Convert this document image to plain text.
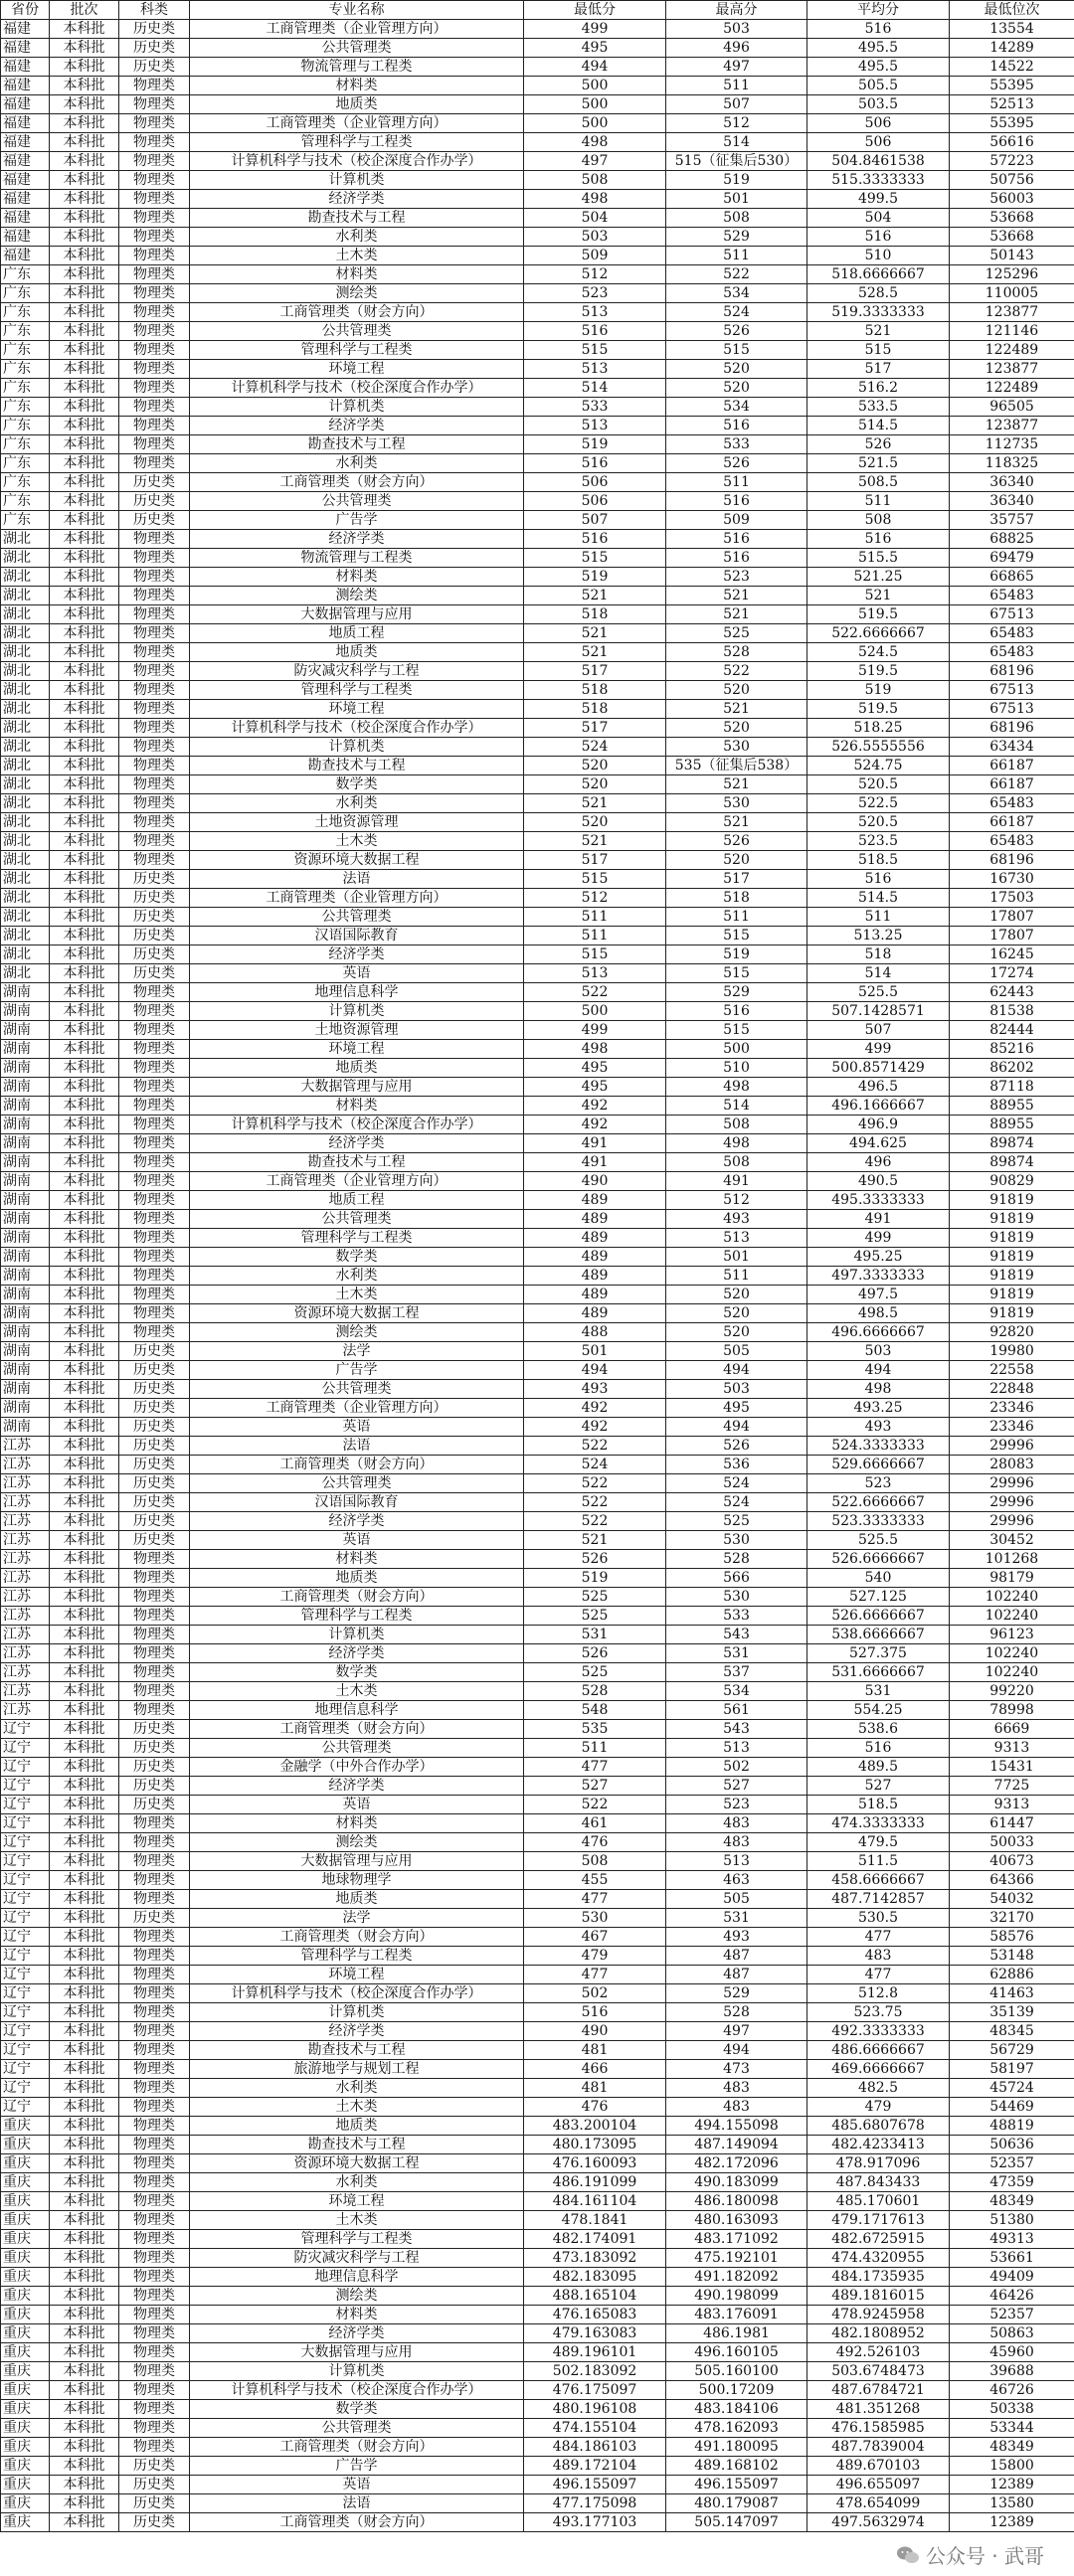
省份	批次	科类	专业名称	最低分	最高分	平均分	最低位次
福建	本科批	历史类	工商管理类（企业管理方向）	499	503	516	13554
福建	本科批	历史类	公共管理类	495	496	495.5	14289
福建	本科批	历史类	物流管理与工程类	494	497	495.5	14522
福建	本科批	物理类	材料类	500	511	505.5	55395
福建	本科批	物理类	地质类	500	507	503.5	52513
福建	本科批	物理类	工商管理类（企业管理方向）	500	512	506	55395
福建	本科批	物理类	管理科学与工程类	498	514	506	56616
福建	本科批	物理类	计算机科学与技术（校企深度合作办学）	497	515（征集后530）	504.8461538	57223
福建	本科批	物理类	计算机类	508	519	515.3333333	50756
福建	本科批	物理类	经济学类	498	501	499.5	56003
福建	本科批	物理类	勘查技术与工程	504	508	504	53668
福建	本科批	物理类	水利类	503	529	516	53668
福建	本科批	物理类	土木类	509	511	510	50143
广东	本科批	物理类	材料类	512	522	518.6666667	125296
广东	本科批	物理类	测绘类	523	534	528.5	110005
广东	本科批	物理类	工商管理类（财会方向）	513	524	519.3333333	123877
广东	本科批	物理类	公共管理类	516	526	521	121146
广东	本科批	物理类	管理科学与工程类	515	515	515	122489
广东	本科批	物理类	环境工程	513	520	517	123877
广东	本科批	物理类	计算机科学与技术（校企深度合作办学）	514	520	516.2	122489
广东	本科批	物理类	计算机类	533	534	533.5	96505
广东	本科批	物理类	经济学类	513	516	514.5	123877
广东	本科批	物理类	勘查技术与工程	519	533	526	112735
广东	本科批	物理类	水利类	516	526	521.5	118325
广东	本科批	历史类	工商管理类（财会方向）	506	511	508.5	36340
广东	本科批	历史类	公共管理类	506	516	511	36340
广东	本科批	历史类	广告学	507	509	508	35757
湖北	本科批	物理类	经济学类	516	516	516	68825
湖北	本科批	物理类	物流管理与工程类	515	516	515.5	69479
湖北	本科批	物理类	材料类	519	523	521.25	66865
湖北	本科批	物理类	测绘类	521	521	521	65483
湖北	本科批	物理类	大数据管理与应用	518	521	519.5	67513
湖北	本科批	物理类	地质工程	521	525	522.6666667	65483
湖北	本科批	物理类	地质类	521	528	524.5	65483
湖北	本科批	物理类	防灾减灾科学与工程	517	522	519.5	68196
湖北	本科批	物理类	管理科学与工程类	518	520	519	67513
湖北	本科批	物理类	环境工程	518	521	519.5	67513
湖北	本科批	物理类	计算机科学与技术（校企深度合作办学）	517	520	518.25	68196
湖北	本科批	物理类	计算机类	524	530	526.5555556	63434
湖北	本科批	物理类	勘查技术与工程	520	535（征集后538）	524.75	66187
湖北	本科批	物理类	数学类	520	521	520.5	66187
湖北	本科批	物理类	水利类	521	530	522.5	65483
湖北	本科批	物理类	土地资源管理	520	521	520.5	66187
湖北	本科批	物理类	土木类	521	526	523.5	65483
湖北	本科批	物理类	资源环境大数据工程	517	520	518.5	68196
湖北	本科批	历史类	法语	515	517	516	16730
湖北	本科批	历史类	工商管理类（企业管理方向）	512	518	514.5	17503
湖北	本科批	历史类	公共管理类	511	511	511	17807
湖北	本科批	历史类	汉语国际教育	511	515	513.25	17807
湖北	本科批	历史类	经济学类	515	519	518	16245
湖北	本科批	历史类	英语	513	515	514	17274
湖南	本科批	物理类	地理信息科学	522	529	525.5	62443
湖南	本科批	物理类	计算机类	500	516	507.1428571	81538
湖南	本科批	物理类	土地资源管理	499	515	507	82444
湖南	本科批	物理类	环境工程	498	500	499	85216
湖南	本科批	物理类	地质类	495	510	500.8571429	86202
湖南	本科批	物理类	大数据管理与应用	495	498	496.5	87118
湖南	本科批	物理类	材料类	492	514	496.1666667	88955
湖南	本科批	物理类	计算机科学与技术（校企深度合作办学）	492	508	496.9	88955
湖南	本科批	物理类	经济学类	491	498	494.625	89874
湖南	本科批	物理类	勘查技术与工程	491	508	496	89874
湖南	本科批	物理类	工商管理类（企业管理方向）	490	491	490.5	90829
湖南	本科批	物理类	地质工程	489	512	495.3333333	91819
湖南	本科批	物理类	公共管理类	489	493	491	91819
湖南	本科批	物理类	管理科学与工程类	489	513	499	91819
湖南	本科批	物理类	数学类	489	501	495.25	91819
湖南	本科批	物理类	水利类	489	511	497.3333333	91819
湖南	本科批	物理类	土木类	489	520	497.5	91819
湖南	本科批	物理类	资源环境大数据工程	489	520	498.5	91819
湖南	本科批	物理类	测绘类	488	520	496.6666667	92820
湖南	本科批	历史类	法学	501	505	503	19980
湖南	本科批	历史类	广告学	494	494	494	22558
湖南	本科批	历史类	公共管理类	493	503	498	22848
湖南	本科批	历史类	工商管理类（企业管理方向）	492	495	493.25	23346
湖南	本科批	历史类	英语	492	494	493	23346
江苏	本科批	历史类	法语	522	526	524.3333333	29996
江苏	本科批	历史类	工商管理类（财会方向）	524	536	529.6666667	28083
江苏	本科批	历史类	公共管理类	522	524	523	29996
江苏	本科批	历史类	汉语国际教育	522	524	522.6666667	29996
江苏	本科批	历史类	经济学类	522	525	523.3333333	29996
江苏	本科批	历史类	英语	521	530	525.5	30452
江苏	本科批	物理类	材料类	526	528	526.6666667	101268
江苏	本科批	物理类	地质类	519	566	540	98179
江苏	本科批	物理类	工商管理类（财会方向）	525	530	527.125	102240
江苏	本科批	物理类	管理科学与工程类	525	533	526.6666667	102240
江苏	本科批	物理类	计算机类	531	543	538.6666667	96123
江苏	本科批	物理类	经济学类	526	531	527.375	102240
江苏	本科批	物理类	数学类	525	537	531.6666667	102240
江苏	本科批	物理类	土木类	528	534	531	99220
江苏	本科批	物理类	地理信息科学	548	561	554.25	78998
辽宁	本科批	历史类	工商管理类（财会方向）	535	543	538.6	6669
辽宁	本科批	历史类	公共管理类	511	513	516	9313
辽宁	本科批	历史类	金融学（中外合作办学）	477	502	489.5	15431
辽宁	本科批	历史类	经济学类	527	527	527	7725
辽宁	本科批	历史类	英语	522	523	518.5	9313
辽宁	本科批	物理类	材料类	461	483	474.3333333	61447
辽宁	本科批	物理类	测绘类	476	483	479.5	50033
辽宁	本科批	物理类	大数据管理与应用	508	513	511.5	40673
辽宁	本科批	物理类	地球物理学	455	463	458.6666667	64366
辽宁	本科批	物理类	地质类	477	505	487.7142857	54032
辽宁	本科批	历史类	法学	530	531	530.5	32170
辽宁	本科批	物理类	工商管理类（财会方向）	467	493	477	58576
辽宁	本科批	物理类	管理科学与工程类	479	487	483	53148
辽宁	本科批	物理类	环境工程	477	487	477	62886
辽宁	本科批	物理类	计算机科学与技术（校企深度合作办学）	502	529	512.8	41463
辽宁	本科批	物理类	计算机类	516	528	523.75	35139
辽宁	本科批	物理类	经济学类	490	497	492.3333333	48345
辽宁	本科批	物理类	勘查技术与工程	481	494	486.6666667	56729
辽宁	本科批	物理类	旅游地学与规划工程	466	473	469.6666667	58197
辽宁	本科批	物理类	水利类	481	483	482.5	45724
辽宁	本科批	物理类	土木类	476	483	479	54469
重庆	本科批	物理类	地质类	483.200104	494.155098	485.6807678	48819
重庆	本科批	物理类	勘查技术与工程	480.173095	487.149094	482.4233413	50636
重庆	本科批	物理类	资源环境大数据工程	476.160093	482.172096	478.917096	52357
重庆	本科批	物理类	水利类	486.191099	490.183099	487.843433	47359
重庆	本科批	物理类	环境工程	484.161104	486.180098	485.170601	48349
重庆	本科批	物理类	土木类	478.1841	480.163093	479.1717613	51380
重庆	本科批	物理类	管理科学与工程类	482.174091	483.171092	482.6725915	49313
重庆	本科批	物理类	防灾减灾科学与工程	473.183092	475.192101	474.4320955	53661
重庆	本科批	物理类	地理信息科学	482.183095	491.182092	484.1735935	49409
重庆	本科批	物理类	测绘类	488.165104	490.198099	489.1816015	46426
重庆	本科批	物理类	材料类	476.165083	483.176091	478.9245958	52357
重庆	本科批	物理类	经济学类	479.163083	486.1981	482.1808952	50863
重庆	本科批	物理类	大数据管理与应用	489.196101	496.160105	492.526103	45960
重庆	本科批	物理类	计算机类	502.183092	505.160100	503.6748473	39688
重庆	本科批	物理类	计算机科学与技术（校企深度合作办学）	476.175097	500.17209	487.6784721	46726
重庆	本科批	物理类	数学类	480.196108	483.184106	481.351268	50338
重庆	本科批	物理类	公共管理类	474.155104	478.162093	476.1585985	53344
重庆	本科批	物理类	工商管理类（财会方向）	484.186103	491.180095	487.7839004	48349
重庆	本科批	历史类	广告学	489.172104	489.168102	489.670103	15800
重庆	本科批	历史类	英语	496.155097	496.155097	496.655097	12389
重庆	本科批	历史类	法语	477.175098	480.179087	478.654099	13580
重庆	本科批	历史类	工商管理类（财会方向）	493.177103	505.147097	497.5632974	12389
公众号 · 武哥
